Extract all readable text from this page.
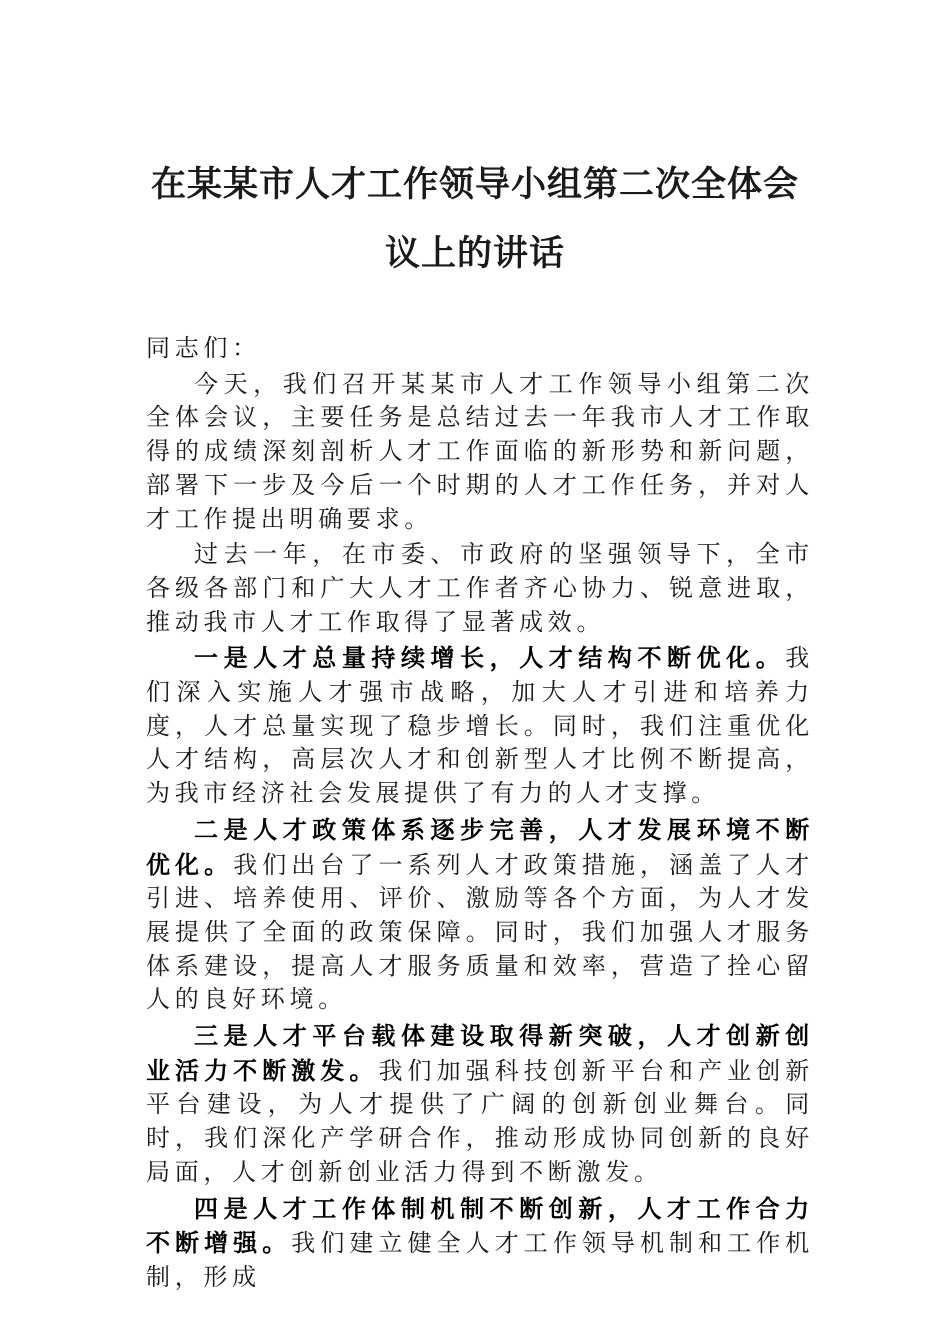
在某某市人才工作领导小组第二次全体会
议上的讲话

同志们：

今天，我们召开某某市人才工作领导小组第二次全体会议，主要任务是总结过去一年我市人才工作取得的成绩深刻剖析人才工作面临的新形势和新问题，部署下一步及今后一个时期的人才工作任务，并对人才工作提出明确要求。

过去一年，在市委、市政府的坚强领导下，全市各级各部门和广大人才工作者齐心协力、锐意进取，推动我市人才工作取得了显著成效。

一是人才总量持续增长，人才结构不断优化。我们深入实施人才强市战略，加大人才引进和培养力度，人才总量实现了稳步增长。同时，我们注重优化人才结构，高层次人才和创新型人才比例不断提高，为我市经济社会发展提供了有力的人才支撑。

二是人才政策体系逐步完善，人才发展环境不断优化。我们出台了一系列人才政策措施，涵盖了人才引进、培养使用、评价、激励等各个方面，为人才发展提供了全面的政策保障。同时，我们加强人才服务体系建设，提高人才服务质量和效率，营造了拴心留人的良好环境。

三是人才平台载体建设取得新突破，人才创新创业活力不断激发。我们加强科技创新平台和产业创新平台建设，为人才提供了广阔的创新创业舞台。同时，我们深化产学研合作，推动形成协同创新的良好局面，人才创新创业活力得到不断激发。

四是人才工作体制机制不断创新，人才工作合力不断增强。我们建立健全人才工作领导机制和工作机制，形成
